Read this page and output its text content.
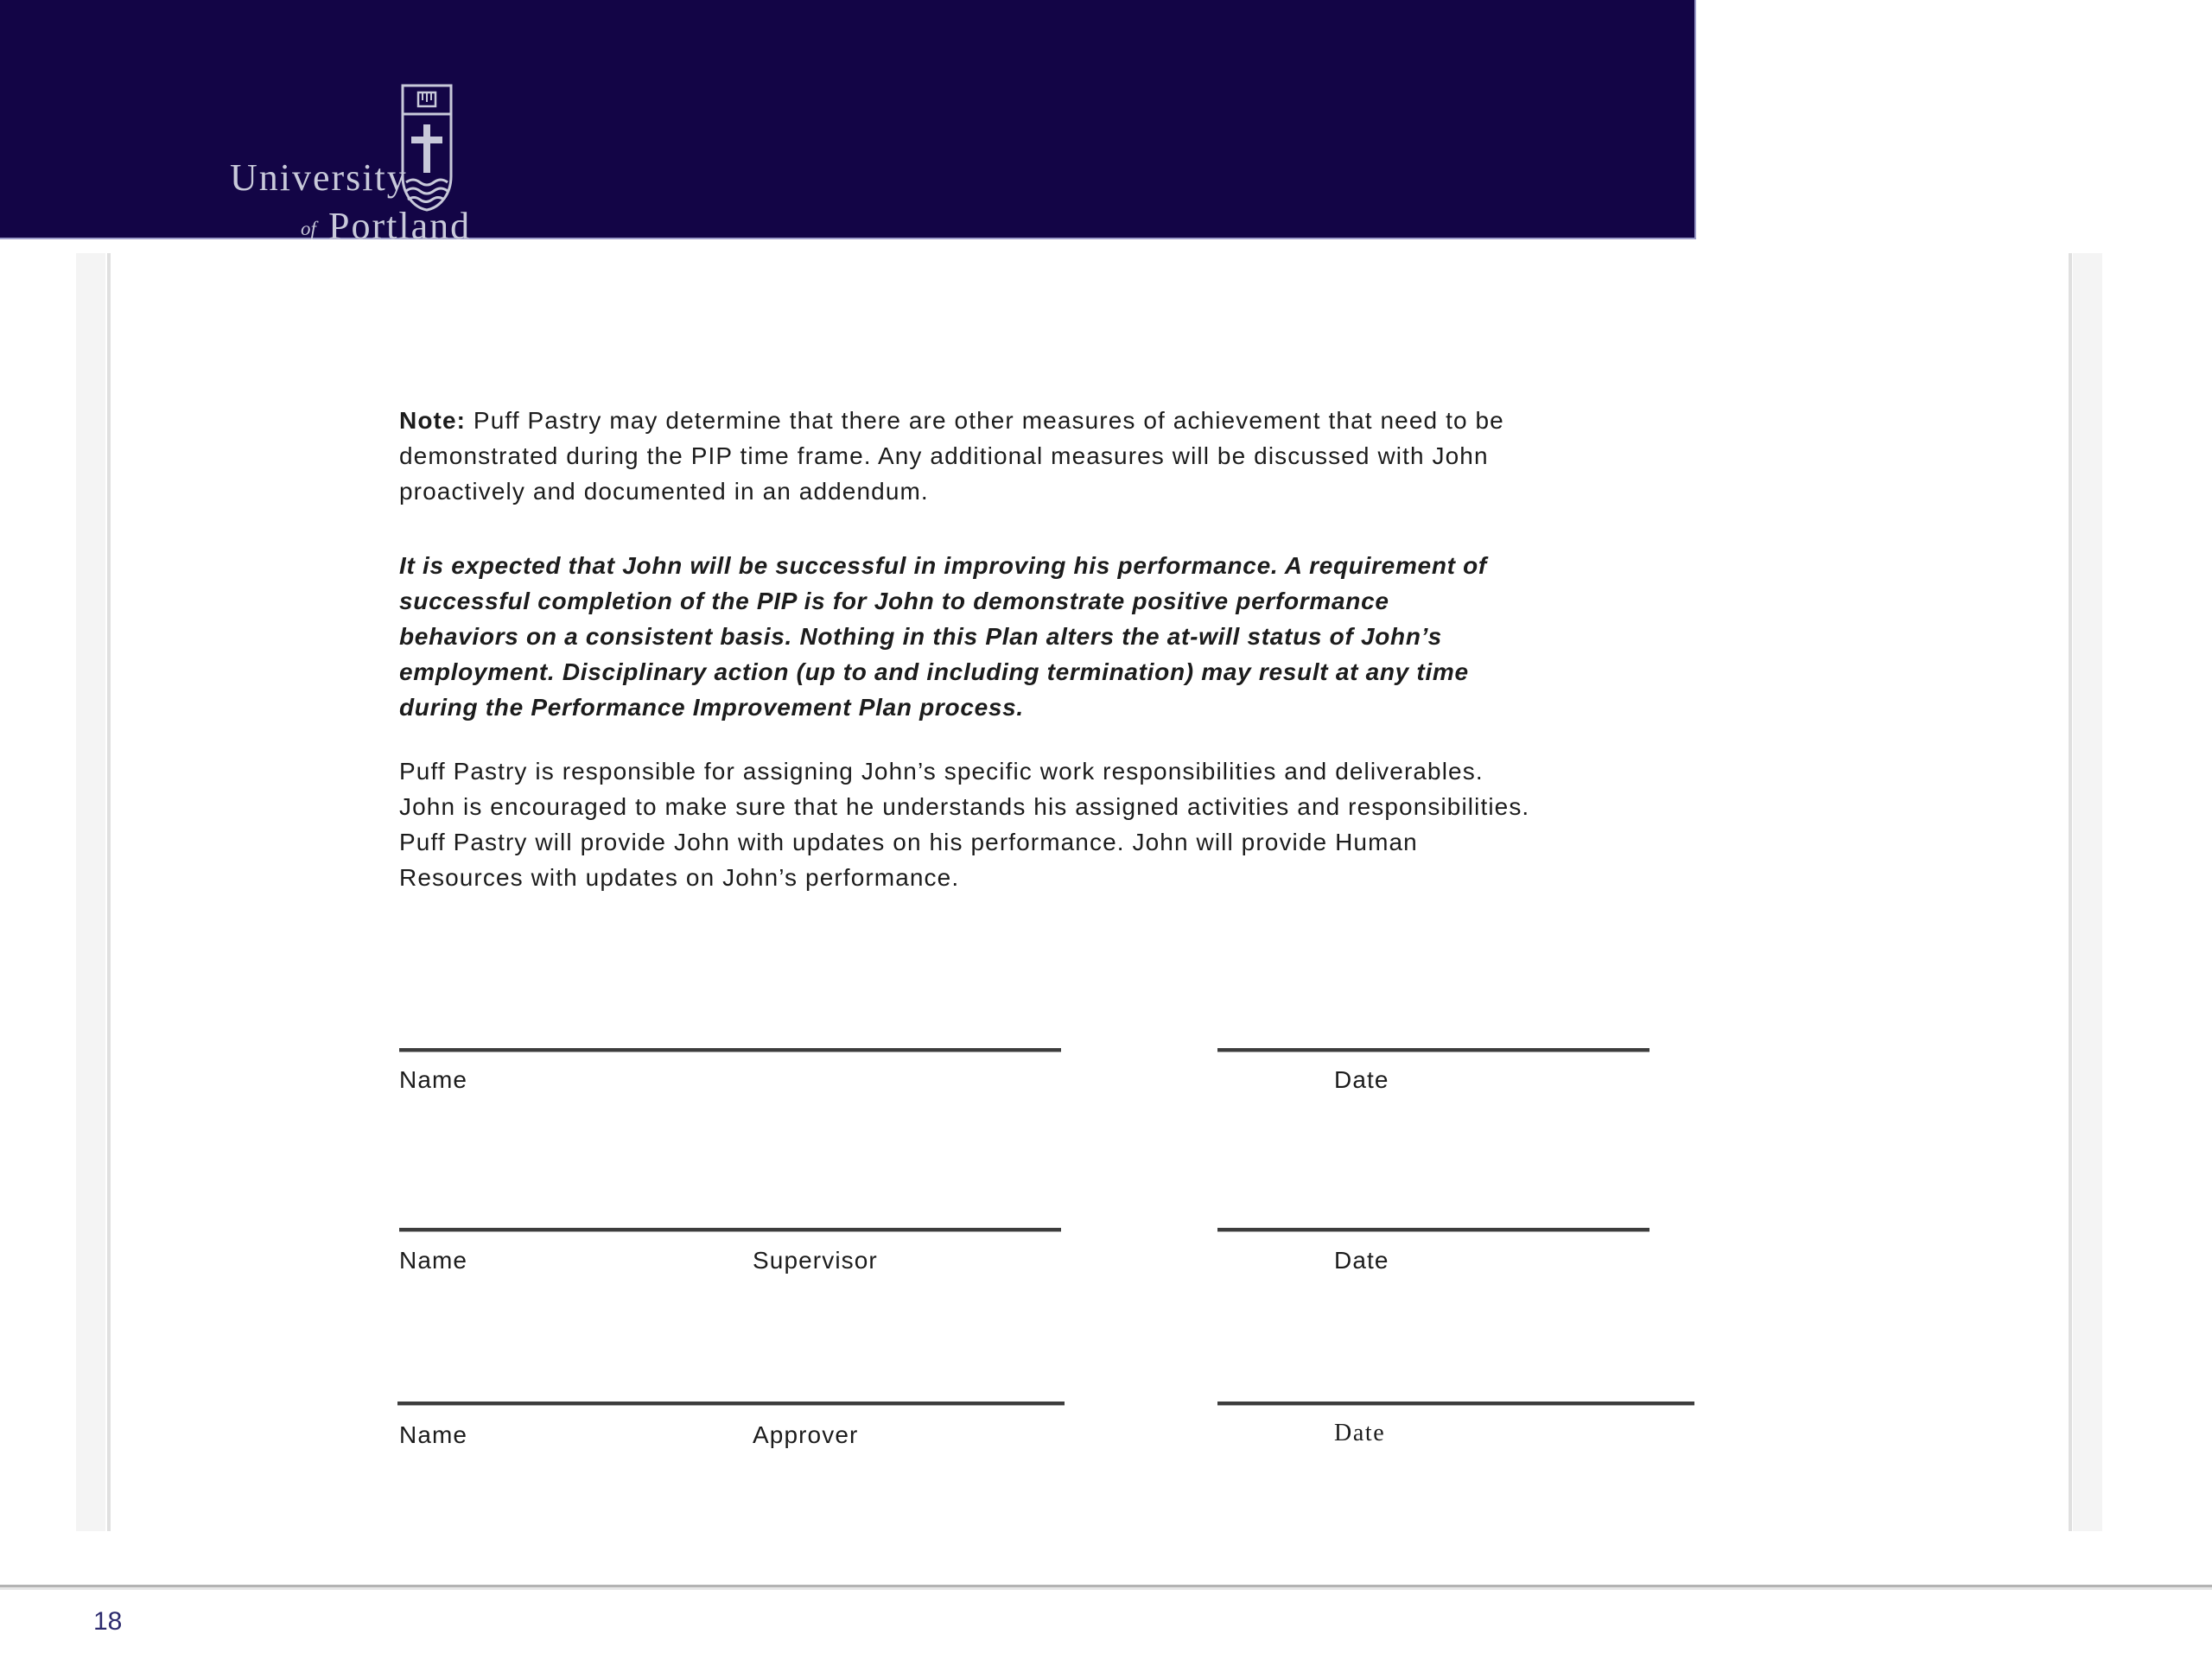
University
of Portland
Note: Puff Pastry may determine that there are other measures of achievement that need to be
demonstrated during the PIP time frame. Any additional measures will be discussed with John
proactively and documented in an addendum.
It is expected that John will be successful in improving his performance. A requirement of
successful completion of the PIP is for John to demonstrate positive performance
behaviors on a consistent basis. Nothing in this Plan alters the at-will status of John’s
employment. Disciplinary action (up to and including termination) may result at any time
during the Performance Improvement Plan process.
Puff Pastry is responsible for assigning John’s specific work responsibilities and deliverables.
John is encouraged to make sure that he understands his assigned activities and responsibilities.
Puff Pastry will provide John with updates on his performance. John will provide Human
Resources with updates on John’s performance.
Name	Date
Name	Supervisor	Date
Name	Approver	Date
18
